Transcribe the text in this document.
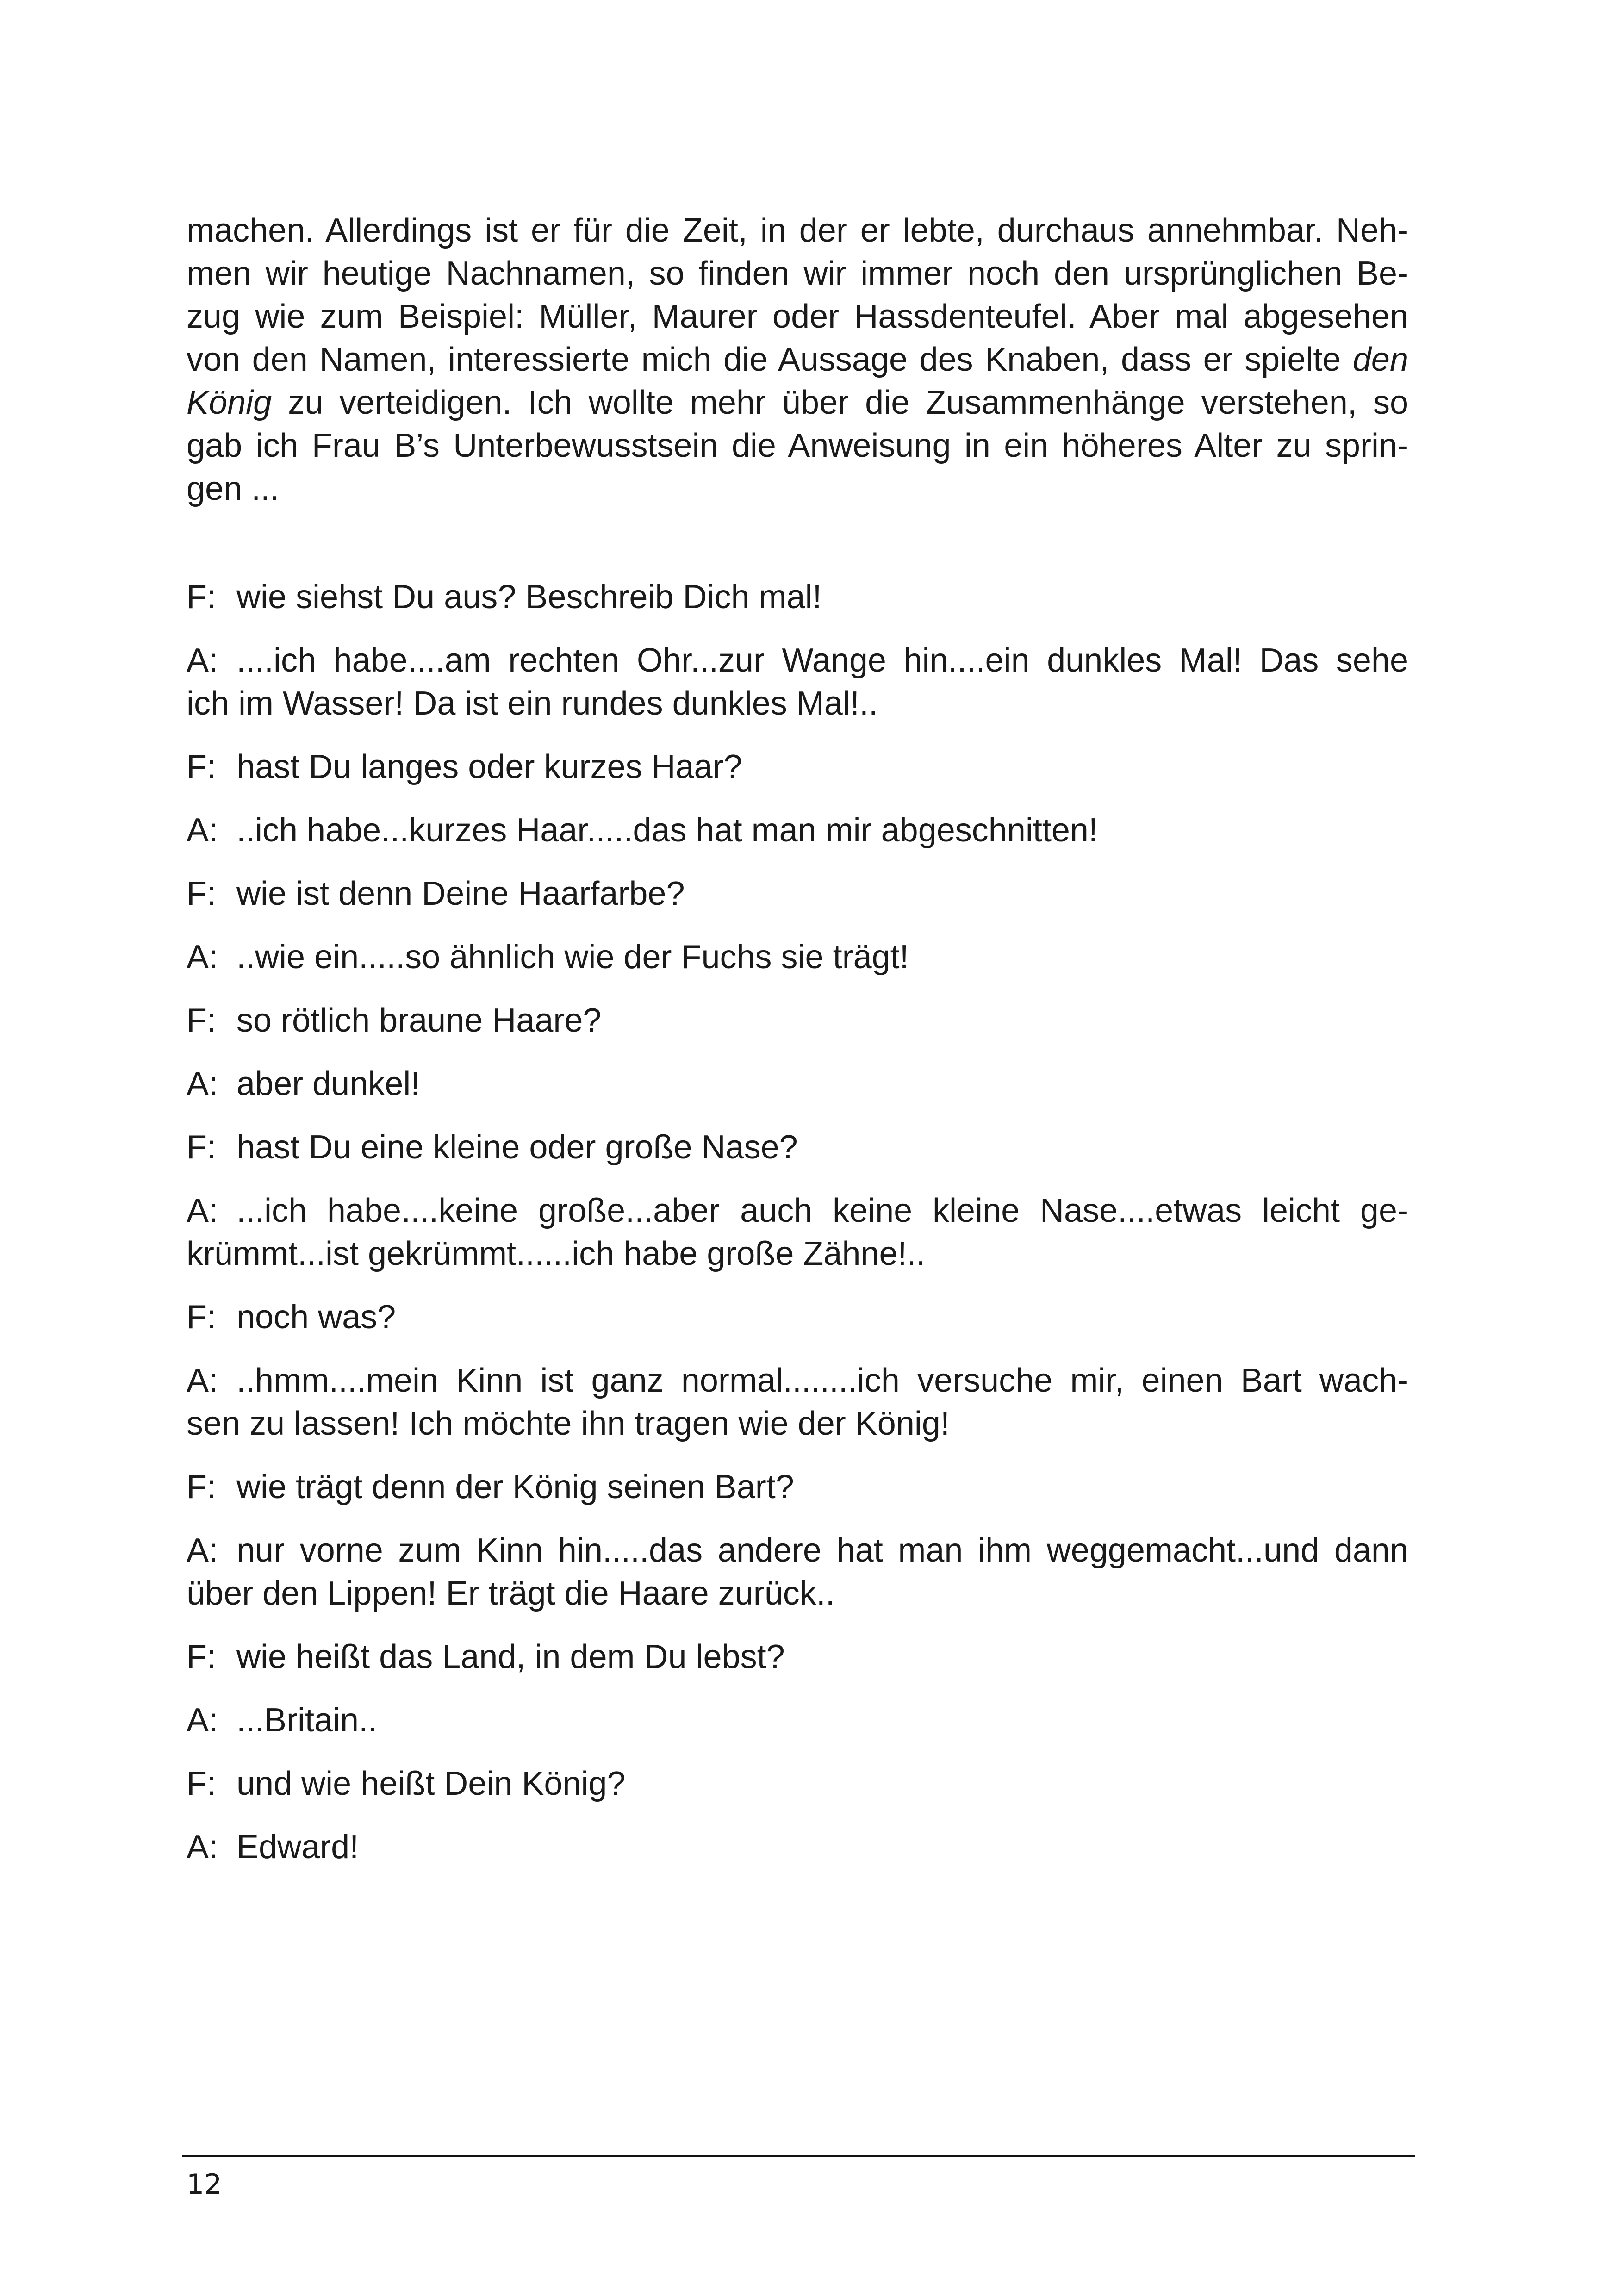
machen. Allerdings ist er für die Zeit, in der er lebte, durchaus annehmbar. Neh-
men wir heutige Nachnamen, so finden wir immer noch den ursprünglichen Be-
zug wie zum Beispiel: Müller, Maurer oder Hassdenteufel. Aber mal abgesehen
von den Namen, interessierte mich die Aussage des Knaben, dass er spielte den
König zu verteidigen. Ich wollte mehr über die Zusammenhänge verstehen, so
gab ich Frau B’s Unterbewusstsein die Anweisung in ein höheres Alter zu sprin-
gen ...
F: wie siehst Du aus? Beschreib Dich mal!
A: ....ich habe....am rechten Ohr...zur Wange hin....ein dunkles Mal! Das sehe
ich im Wasser! Da ist ein rundes dunkles Mal!..
F: hast Du langes oder kurzes Haar?
A: ..ich habe...kurzes Haar.....das hat man mir abgeschnitten!
F: wie ist denn Deine Haarfarbe?
A: ..wie ein.....so ähnlich wie der Fuchs sie trägt!
F: so rötlich braune Haare?
A: aber dunkel!
F: hast Du eine kleine oder große Nase?
A: ...ich habe....keine große...aber auch keine kleine Nase....etwas leicht ge-
krümmt...ist gekrümmt......ich habe große Zähne!..
F: noch was?
A: ..hmm....mein Kinn ist ganz normal........ich versuche mir, einen Bart wach-
sen zu lassen! Ich möchte ihn tragen wie der König!
F: wie trägt denn der König seinen Bart?
A: nur vorne zum Kinn hin.....das andere hat man ihm weggemacht...und dann
über den Lippen! Er trägt die Haare zurück..
F: wie heißt das Land, in dem Du lebst?
A: ...Britain..
F: und wie heißt Dein König?
A: Edward!
12
